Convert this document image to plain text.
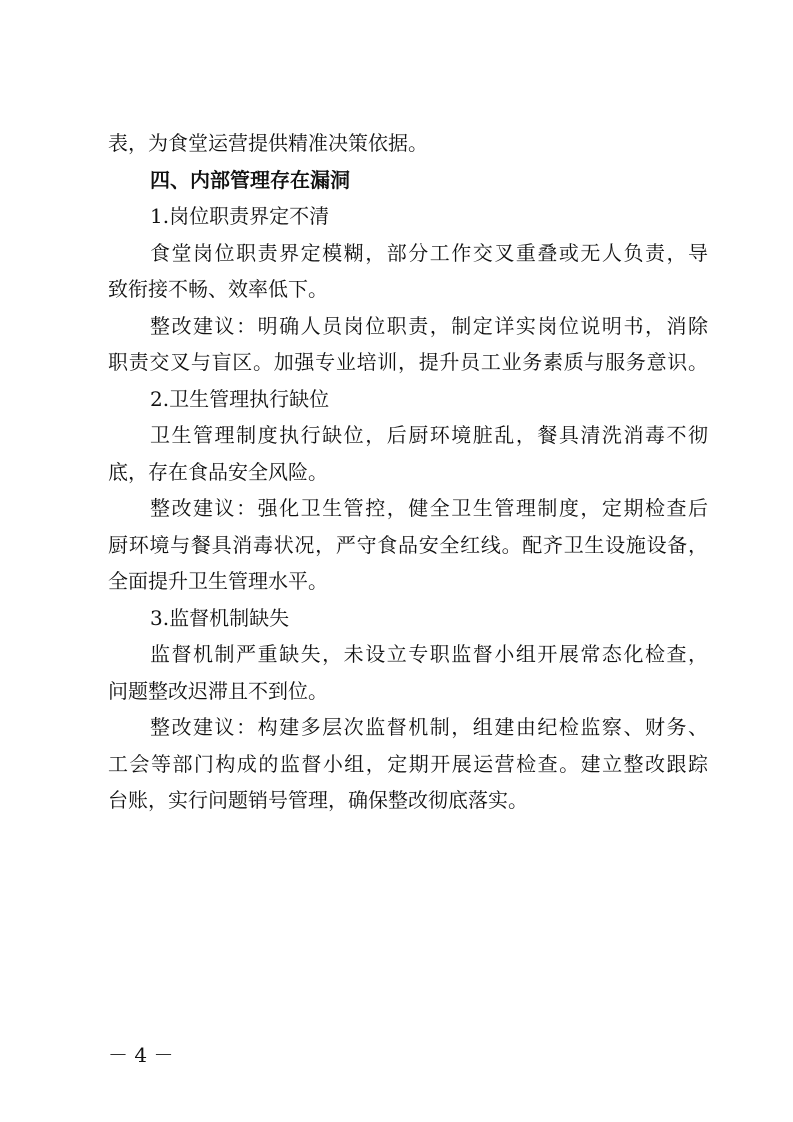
表，为食堂运营提供精准决策依据。
四、内部管理存在漏洞
1.岗位职责界定不清
食堂岗位职责界定模糊，部分工作交叉重叠或无人负责，导
致衔接不畅、效率低下。
整改建议：明确人员岗位职责，制定详实岗位说明书，消除
职责交叉与盲区。加强专业培训，提升员工业务素质与服务意识。
2.卫生管理执行缺位
卫生管理制度执行缺位，后厨环境脏乱，餐具清洗消毒不彻
底，存在食品安全风险。
整改建议：强化卫生管控，健全卫生管理制度，定期检查后
厨环境与餐具消毒状况，严守食品安全红线。配齐卫生设施设备，
全面提升卫生管理水平。
3.监督机制缺失
监督机制严重缺失，未设立专职监督小组开展常态化检查，
问题整改迟滞且不到位。
整改建议：构建多层次监督机制，组建由纪检监察、财务、
工会等部门构成的监督小组，定期开展运营检查。建立整改跟踪
台账，实行问题销号管理，确保整改彻底落实。
－ 4 －
